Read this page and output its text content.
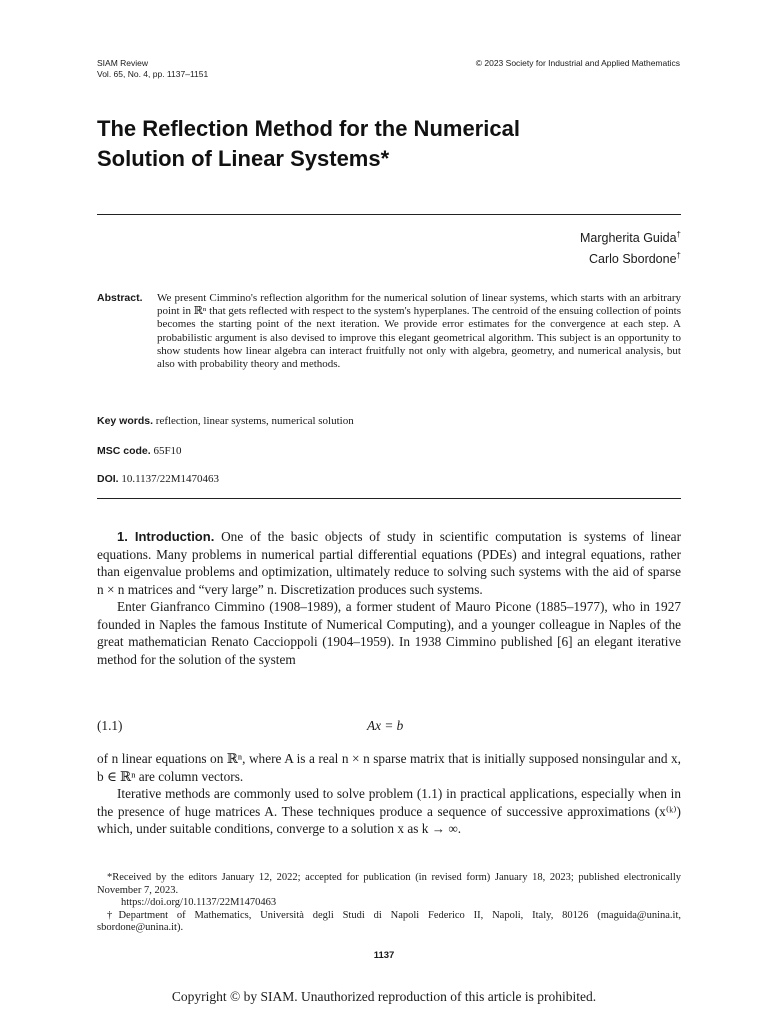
SIAM Review
Vol. 65, No. 4, pp. 1137–1151
© 2023 Society for Industrial and Applied Mathematics
The Reflection Method for the Numerical Solution of Linear Systems*
Margherita Guida†
Carlo Sbordone†
Abstract. We present Cimmino's reflection algorithm for the numerical solution of linear systems, which starts with an arbitrary point in ℝⁿ that gets reflected with respect to the system's hyperplanes. The centroid of the ensuing collection of points becomes the starting point of the next iteration. We provide error estimates for the convergence at each step. A probabilistic argument is also devised to improve this elegant geometrical algorithm. This subject is an opportunity to show students how linear algebra can interact fruitfully not only with algebra, geometry, and numerical analysis, but also with probability theory and methods.
Key words. reflection, linear systems, numerical solution
MSC code. 65F10
DOI. 10.1137/22M1470463

1. Introduction. One of the basic objects of study in scientific computation is systems of linear equations. Many problems in numerical partial differential equations (PDEs) and integral equations, rather than eigenvalue problems and optimization, ultimately reduce to solving such systems with the aid of sparse n × n matrices and “very large” n. Discretization produces such systems.

Enter Gianfranco Cimmino (1908–1989), a former student of Mauro Picone (1885–1977), who in 1927 founded in Naples the famous Institute of Numerical Computing), and a younger colleague in Naples of the great mathematician Renato Caccioppoli (1904–1959). In 1938 Cimmino published [6] an elegant iterative method for the solution of the system

(1.1)	Ax = b

of n linear equations on ℝⁿ, where A is a real n × n sparse matrix that is initially supposed nonsingular and x, b ∈ ℝⁿ are column vectors.

Iterative methods are commonly used to solve problem (1.1) in practical applications, especially when in the presence of huge matrices A. These techniques produce a sequence of successive approximations (x⁽ᵏ⁾) which, under suitable conditions, converge to a solution x as k → ∞.

*Received by the editors January 12, 2022; accepted for publication (in revised form) January 18, 2023; published electronically November 7, 2023.

https://doi.org/10.1137/22M1470463

†Department of Mathematics, Università degli Studi di Napoli Federico II, Napoli, Italy, 80126 (maguida@unina.it, sbordone@unina.it).

1137
Copyright © by SIAM. Unauthorized reproduction of this article is prohibited.
